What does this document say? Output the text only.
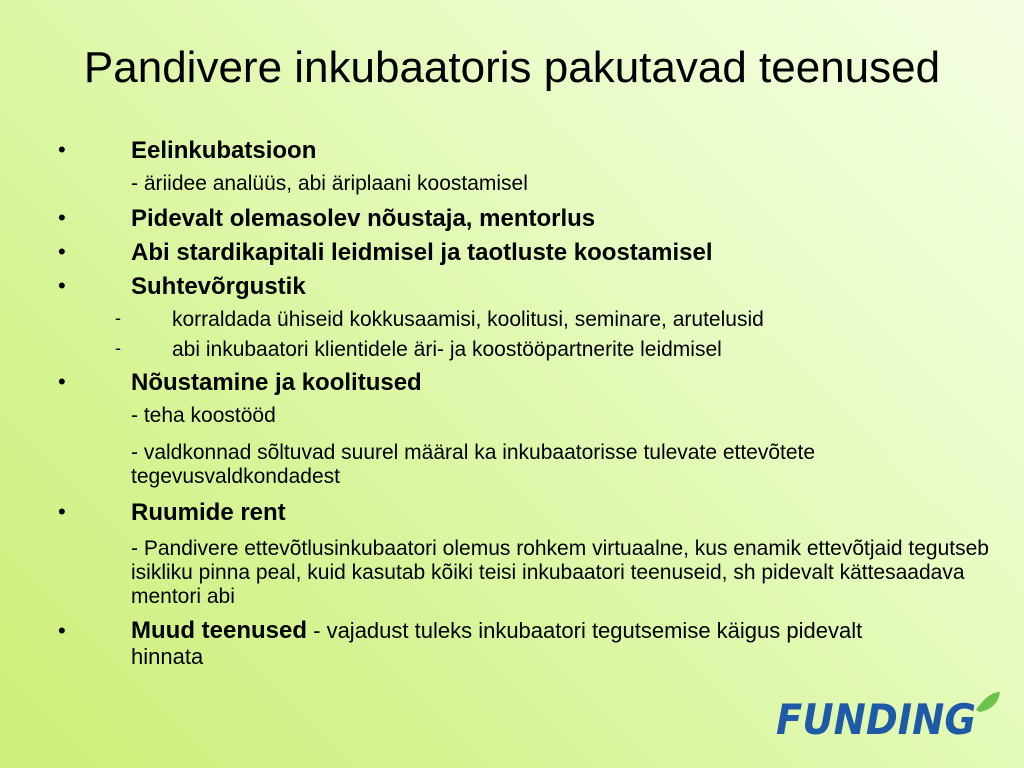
Pandivere inkubaatoris pakutavad teenused
•	Eelinkubatsioon
- äriidee analüüs, abi äriplaani koostamisel
•	Pidevalt olemasolev nõustaja, mentorlus
•	Abi stardikapitali leidmisel ja taotluste koostamisel
•	Suhtevõrgustik
- korraldada ühiseid kokkusaamisi, koolitusi, seminare, arutelusid
- abi inkubaatori klientidele äri- ja koostööpartnerite leidmisel
•	Nõustamine ja koolitused
- teha koostööd
- valdkonnad sõltuvad suurel määral ka inkubaatorisse tulevate ettevõtete tegevusvaldkondadest
•	Ruumide rent
- Pandivere ettevõtlusinkubaatori olemus rohkem virtuaalne, kus enamik ettevõtjaid tegutseb isikliku pinna peal, kuid kasutab kõiki teisi inkubaatori teenuseid, sh pidevalt kättesaadava mentori abi
•	Muud teenused - vajadust tuleks inkubaatori tegutsemise käigus pidevalt hinnata
FUNDING
